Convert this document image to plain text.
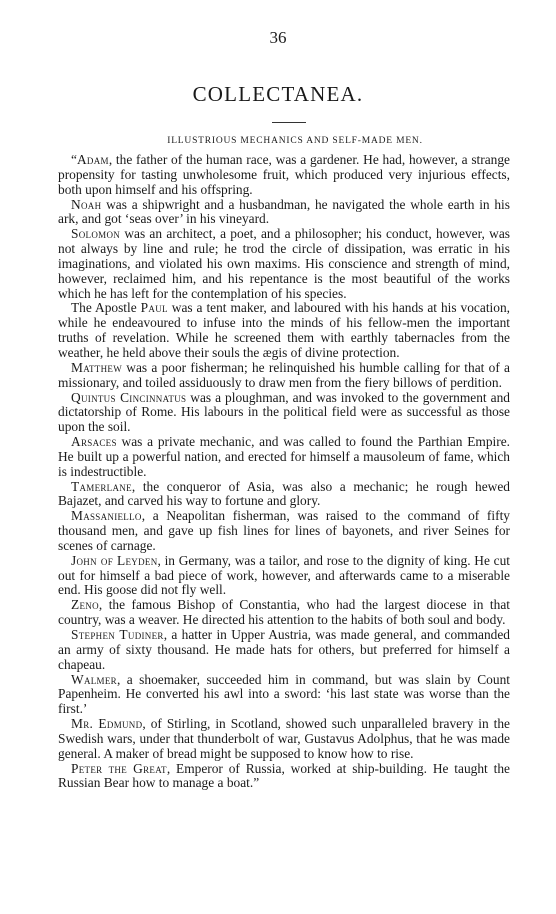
36
COLLECTANEA.
ILLUSTRIOUS MECHANICS AND SELF-MADE MEN.

“Adam, the father of the human race, was a gardener. He had, however, a strange propensity for tasting unwholesome fruit, which produced very injurious effects, both upon himself and his offspring.

Noah was a shipwright and a husbandman, he navigated the whole earth in his ark, and got ‘seas over’ in his vineyard.

Solomon was an architect, a poet, and a philosopher; his conduct, however, was not always by line and rule; he trod the circle of dissipation, was erratic in his imaginations, and violated his own maxims. His conscience and strength of mind, however, reclaimed him, and his repentance is the most beautiful of the works which he has left for the contemplation of his species.

The Apostle Paul was a tent maker, and laboured with his hands at his vocation, while he endeavoured to infuse into the minds of his fellow-men the important truths of revelation. While he screened them with earthly tabernacles from the weather, he held above their souls the ægis of divine protection.

Matthew was a poor fisherman; he relinquished his humble calling for that of a missionary, and toiled assiduously to draw men from the fiery billows of perdition.

Quintus Cincinnatus was a ploughman, and was invoked to the government and dictatorship of Rome. His labours in the political field were as successful as those upon the soil.

Arsaces was a private mechanic, and was called to found the Parthian Empire. He built up a powerful nation, and erected for himself a mausoleum of fame, which is indestructible.

Tamerlane, the conqueror of Asia, was also a mechanic; he rough hewed Bajazet, and carved his way to fortune and glory.

Massaniello, a Neapolitan fisherman, was raised to the command of fifty thousand men, and gave up fish lines for lines of bayonets, and river Seines for scenes of carnage.

John of Leyden, in Germany, was a tailor, and rose to the dignity of king. He cut out for himself a bad piece of work, however, and afterwards came to a miserable end. His goose did not fly well.

Zeno, the famous Bishop of Constantia, who had the largest diocese in that country, was a weaver. He directed his attention to the habits of both soul and body.

Stephen Tudiner, a hatter in Upper Austria, was made general, and commanded an army of sixty thousand. He made hats for others, but preferred for himself a chapeau.

Walmer, a shoemaker, succeeded him in command, but was slain by Count Papenheim. He converted his awl into a sword: ‘his last state was worse than the first.’

Mr. Edmund, of Stirling, in Scotland, showed such unparalleled bravery in the Swedish wars, under that thunderbolt of war, Gustavus Adolphus, that he was made general. A maker of bread might be supposed to know how to rise.

Peter the Great, Emperor of Russia, worked at ship-building. He taught the Russian Bear how to manage a boat.”
